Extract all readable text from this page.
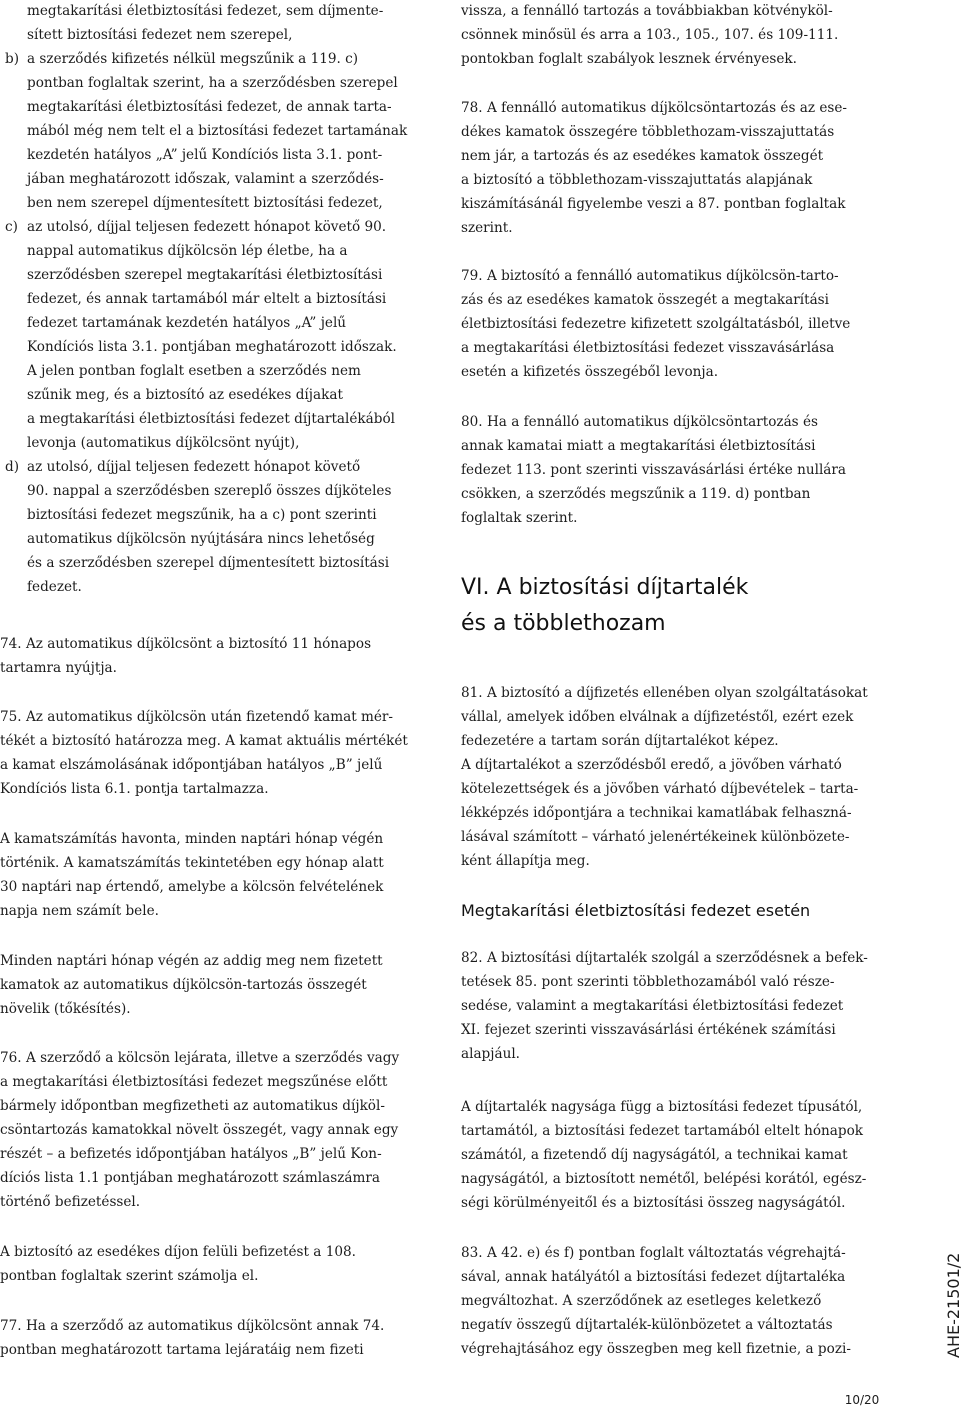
megtakarítási életbiztosítási fedezet, sem díjmente-
sített biztosítási fedezet nem szerepel,
b) a szerződés kifizetés nélkül megszűnik a 119. c)
pontban foglaltak szerint, ha a szerződésben szerepel
megtakarítási életbiztosítási fedezet, de annak tarta-
mából még nem telt el a biztosítási fedezet tartamának
kezdetén hatályos „A” jelű Kondíciós lista 3.1. pont-
jában meghatározott időszak, valamint a szerződés-
ben nem szerepel díjmentesített biztosítási fedezet,
c) az utolsó, díjjal teljesen fedezett hónapot követő 90.
nappal automatikus díjkölcsön lép életbe, ha a
szerződésben szerepel megtakarítási életbiztosítási
fedezet, és annak tartamából már eltelt a biztosítási
fedezet tartamának kezdetén hatályos „A” jelű
Kondíciós lista 3.1. pontjában meghatározott időszak.
A jelen pontban foglalt esetben a szerződés nem
szűnik meg, és a biztosító az esedékes díjakat
a megtakarítási életbiztosítási fedezet díjtartalékából
levonja (automatikus díjkölcsönt nyújt),
d) az utolsó, díjjal teljesen fedezett hónapot követő
90. nappal a szerződésben szereplő összes díjköteles
biztosítási fedezet megszűnik, ha a c) pont szerinti
automatikus díjkölcsön nyújtására nincs lehetőség
és a szerződésben szerepel díjmentesített biztosítási
fedezet.
74. Az automatikus díjkölcsönt a biztosító 11 hónapos
tartamra nyújtja.
75. Az automatikus díjkölcsön után fizetendő kamat mér-
tékét a biztosító határozza meg. A kamat aktuális mértékét
a kamat elszámolásának időpontjában hatályos „B” jelű
Kondíciós lista 6.1. pontja tartalmazza.
A kamatszámítás havonta, minden naptári hónap végén
történik. A kamatszámítás tekintetében egy hónap alatt
30 naptári nap értendő, amelybe a kölcsön felvételének
napja nem számít bele.
Minden naptári hónap végén az addig meg nem fizetett
kamatok az automatikus díjkölcsön-tartozás összegét
növelik (tőkésítés).
76. A szerződő a kölcsön lejárata, illetve a szerződés vagy
a megtakarítási életbiztosítási fedezet megszűnése előtt
bármely időpontban megfizetheti az automatikus díjköl-
csöntartozás kamatokkal növelt összegét, vagy annak egy
részét – a befizetés időpontjában hatályos „B” jelű Kon-
díciós lista 1.1 pontjában meghatározott számlaszámra
történő befizetéssel.
A biztosító az esedékes díjon felüli befizetést a 108.
pontban foglaltak szerint számolja el.
77. Ha a szerződő az automatikus díjkölcsönt annak 74.
pontban meghatározott tartama lejáratáig nem fizeti
vissza, a fennálló tartozás a továbbiakban kötvényköl-
csönnek minősül és arra a 103., 105., 107. és 109-111.
pontokban foglalt szabályok lesznek érvényesek.
78. A fennálló automatikus díjkölcsöntartozás és az ese-
dékes kamatok összegére többlethozam-visszajuttatás
nem jár, a tartozás és az esedékes kamatok összegét
a biztosító a többlethozam-visszajuttatás alapjának
kiszámításánál figyelembe veszi a 87. pontban foglaltak
szerint.
79. A biztosító a fennálló automatikus díjkölcsön-tarto-
zás és az esedékes kamatok összegét a megtakarítási
életbiztosítási fedezetre kifizetett szolgáltatásból, illetve
a megtakarítási életbiztosítási fedezet visszavásárlása
esetén a kifizetés összegéből levonja.
80. Ha a fennálló automatikus díjkölcsöntartozás és
annak kamatai miatt a megtakarítási életbiztosítási
fedezet 113. pont szerinti visszavásárlási értéke nullára
csökken, a szerződés megszűnik a 119. d) pontban
foglaltak szerint.
VI. A biztosítási díjtartalék
és a többlethozam
81. A biztosító a díjfizetés ellenében olyan szolgáltatásokat
vállal, amelyek időben elválnak a díjfizetéstől, ezért ezek
fedezetére a tartam során díjtartalékot képez.
A díjtartalékot a szerződésből eredő, a jövőben várható
kötelezettségek és a jövőben várható díjbevételek – tarta-
lékképzés időpontjára a technikai kamatlábak felhaszná-
lásával számított – várható jelenértékeinek különbözete-
ként állapítja meg.
Megtakarítási életbiztosítási fedezet esetén
82. A biztosítási díjtartalék szolgál a szerződésnek a befek-
tetések 85. pont szerinti többlethozamából való része-
sedése, valamint a megtakarítási életbiztosítási fedezet
XI. fejezet szerinti visszavásárlási értékének számítási
alapjául.
A díjtartalék nagysága függ a biztosítási fedezet típusától,
tartamától, a biztosítási fedezet tartamából eltelt hónapok
számától, a fizetendő díj nagyságától, a technikai kamat
nagyságától, a biztosított nemétől, belépési korától, egész-
ségi körülményeitől és a biztosítási összeg nagyságától.
83. A 42. e) és f) pontban foglalt változtatás végrehajtá-
sával, annak hatályától a biztosítási fedezet díjtartaléka
megváltozhat. A szerződőnek az esetleges keletkező
negatív összegű díjtartalék-különbözetet a változtatás
végrehajtásához egy összegben meg kell fizetnie, a pozi-	AHE-21501/2
10/20
